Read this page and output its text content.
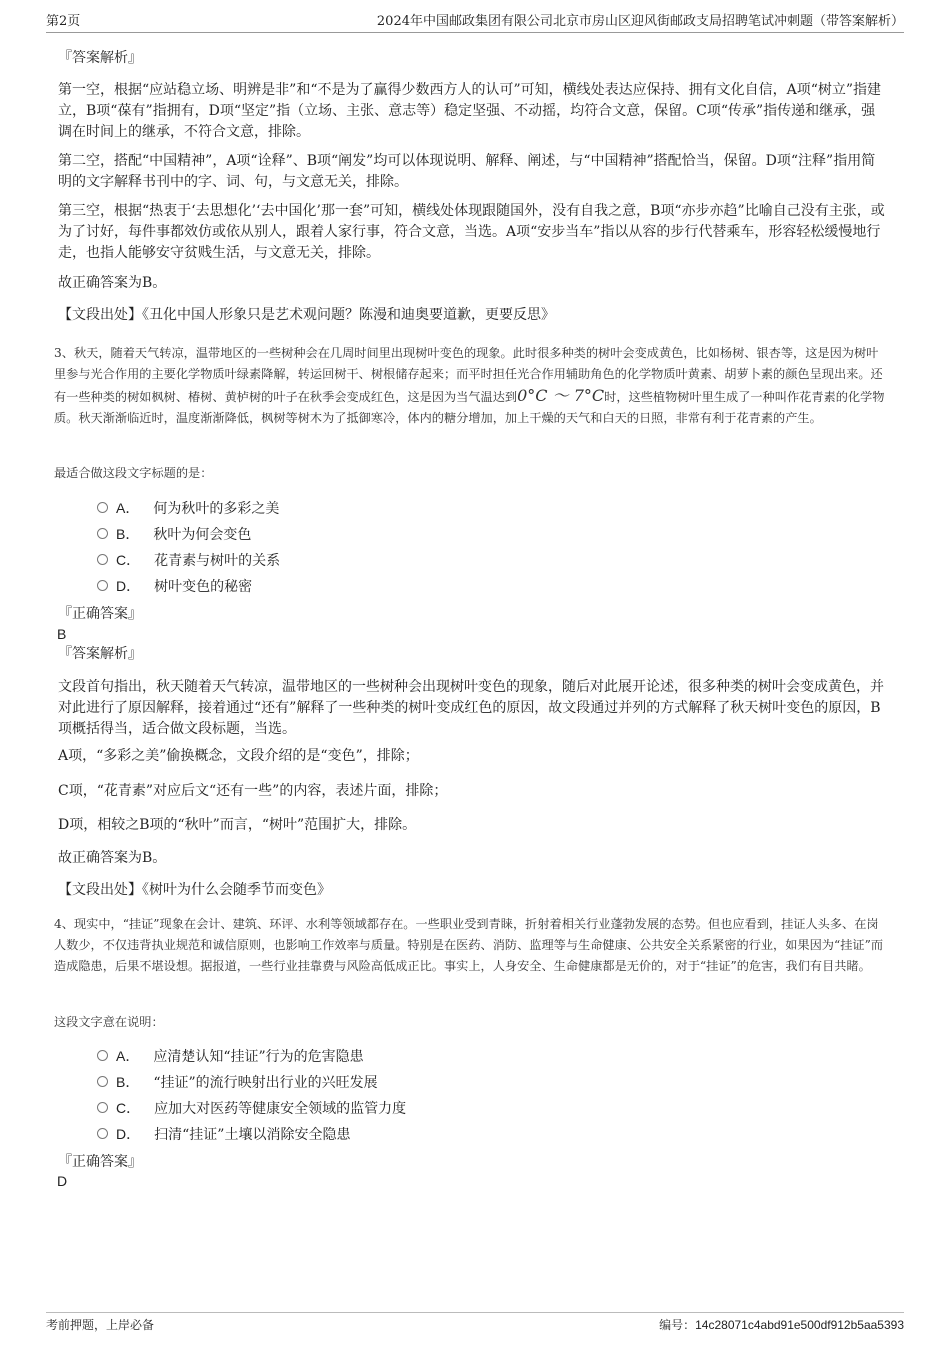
第2页	2024年中国邮政集团有限公司北京市房山区迎风街邮政支局招聘笔试冲刺题（带答案解析）
『答案解析』

第一空，根据“应站稳立场、明辨是非”和“不是为了赢得少数西方人的认可”可知，横线处表达应保持、拥有文化自信，A项“树立”指建立，B项“葆有”指拥有，D项“坚定”指（立场、主张、意志等）稳定坚强、不动摇，均符合文意，保留。C项“传承”指传递和继承，强调在时间上的继承，不符合文意，排除。

第二空，搭配“中国精神”，A项“诠释”、B项“阐发”均可以体现说明、解释、阐述，与“中国精神”搭配恰当，保留。D项“注释”指用简明的文字解释书刊中的字、词、句，与文意无关，排除。

第三空，根据“热衷于‘去思想化’‘去中国化’那一套”可知，横线处体现跟随国外，没有自我之意，B项“亦步亦趋”比喻自己没有主张，或为了讨好，每件事都效仿或依从别人，跟着人家行事，符合文意，当选。A项“安步当车”指以从容的步行代替乘车，形容轻松缓慢地行走，也指人能够安守贫贱生活，与文意无关，排除。

故正确答案为B。
【文段出处】《丑化中国人形象只是艺术观问题？陈漫和迪奥要道歉，更要反思》

3、秋天，随着天气转凉，温带地区的一些树种会在几周时间里出现树叶变色的现象。此时很多种类的树叶会变成黄色，比如杨树、银杏等，这是因为树叶里参与光合作用的主要化学物质叶绿素降解，转运回树干、树根储存起来；而平时担任光合作用辅助角色的化学物质叶黄素、胡萝卜素的颜色呈现出来。还有一些种类的树如枫树、椿树、黄栌树的叶子在秋季会变成红色，这是因为当气温达到0°C ～ 7°C时，这些植物树叶里生成了一种叫作花青素的化学物质。秋天渐渐临近时，温度渐渐降低，枫树等树木为了抵御寒冷，体内的糖分增加，加上干燥的天气和白天的日照，非常有利于花青素的产生。

最适合做这段文字标题的是：
A． 何为秋叶的多彩之美
B． 秋叶为何会变色
C． 花青素与树叶的关系
D． 树叶变色的秘密
『正确答案』
B
『答案解析』

文段首句指出，秋天随着天气转凉，温带地区的一些树种会出现树叶变色的现象，随后对此展开论述，很多种类的树叶会变成黄色，并对此进行了原因解释，接着通过“还有”解释了一些种类的树叶变成红色的原因，故文段通过并列的方式解释了秋天树叶变色的原因，B项概括得当，适合做文段标题，当选。

A项，“多彩之美”偷换概念，文段介绍的是“变色”，排除；
C项，“花青素”对应后文“还有一些”的内容，表述片面，排除；
D项，相较之B项的“秋叶”而言，“树叶”范围扩大，排除。
故正确答案为B。
【文段出处】《树叶为什么会随季节而变色》

4、现实中，“挂证”现象在会计、建筑、环评、水利等领域都存在。一些职业受到青睐，折射着相关行业蓬勃发展的态势。但也应看到，挂证人头多、在岗人数少，不仅违背执业规范和诚信原则，也影响工作效率与质量。特别是在医药、消防、监理等与生命健康、公共安全关系紧密的行业，如果因为“挂证”而造成隐患，后果不堪设想。据报道，一些行业挂靠费与风险高低成正比。事实上，人身安全、生命健康都是无价的，对于“挂证”的危害，我们有目共睹。

这段文字意在说明：
A． 应清楚认知“挂证”行为的危害隐患
B． “挂证”的流行映射出行业的兴旺发展
C． 应加大对医药等健康安全领域的监管力度
D． 扫清“挂证”土壤以消除安全隐患
『正确答案』
D
考前押题，上岸必备	编号：14c28071c4abd91e500df912b5aa5393
